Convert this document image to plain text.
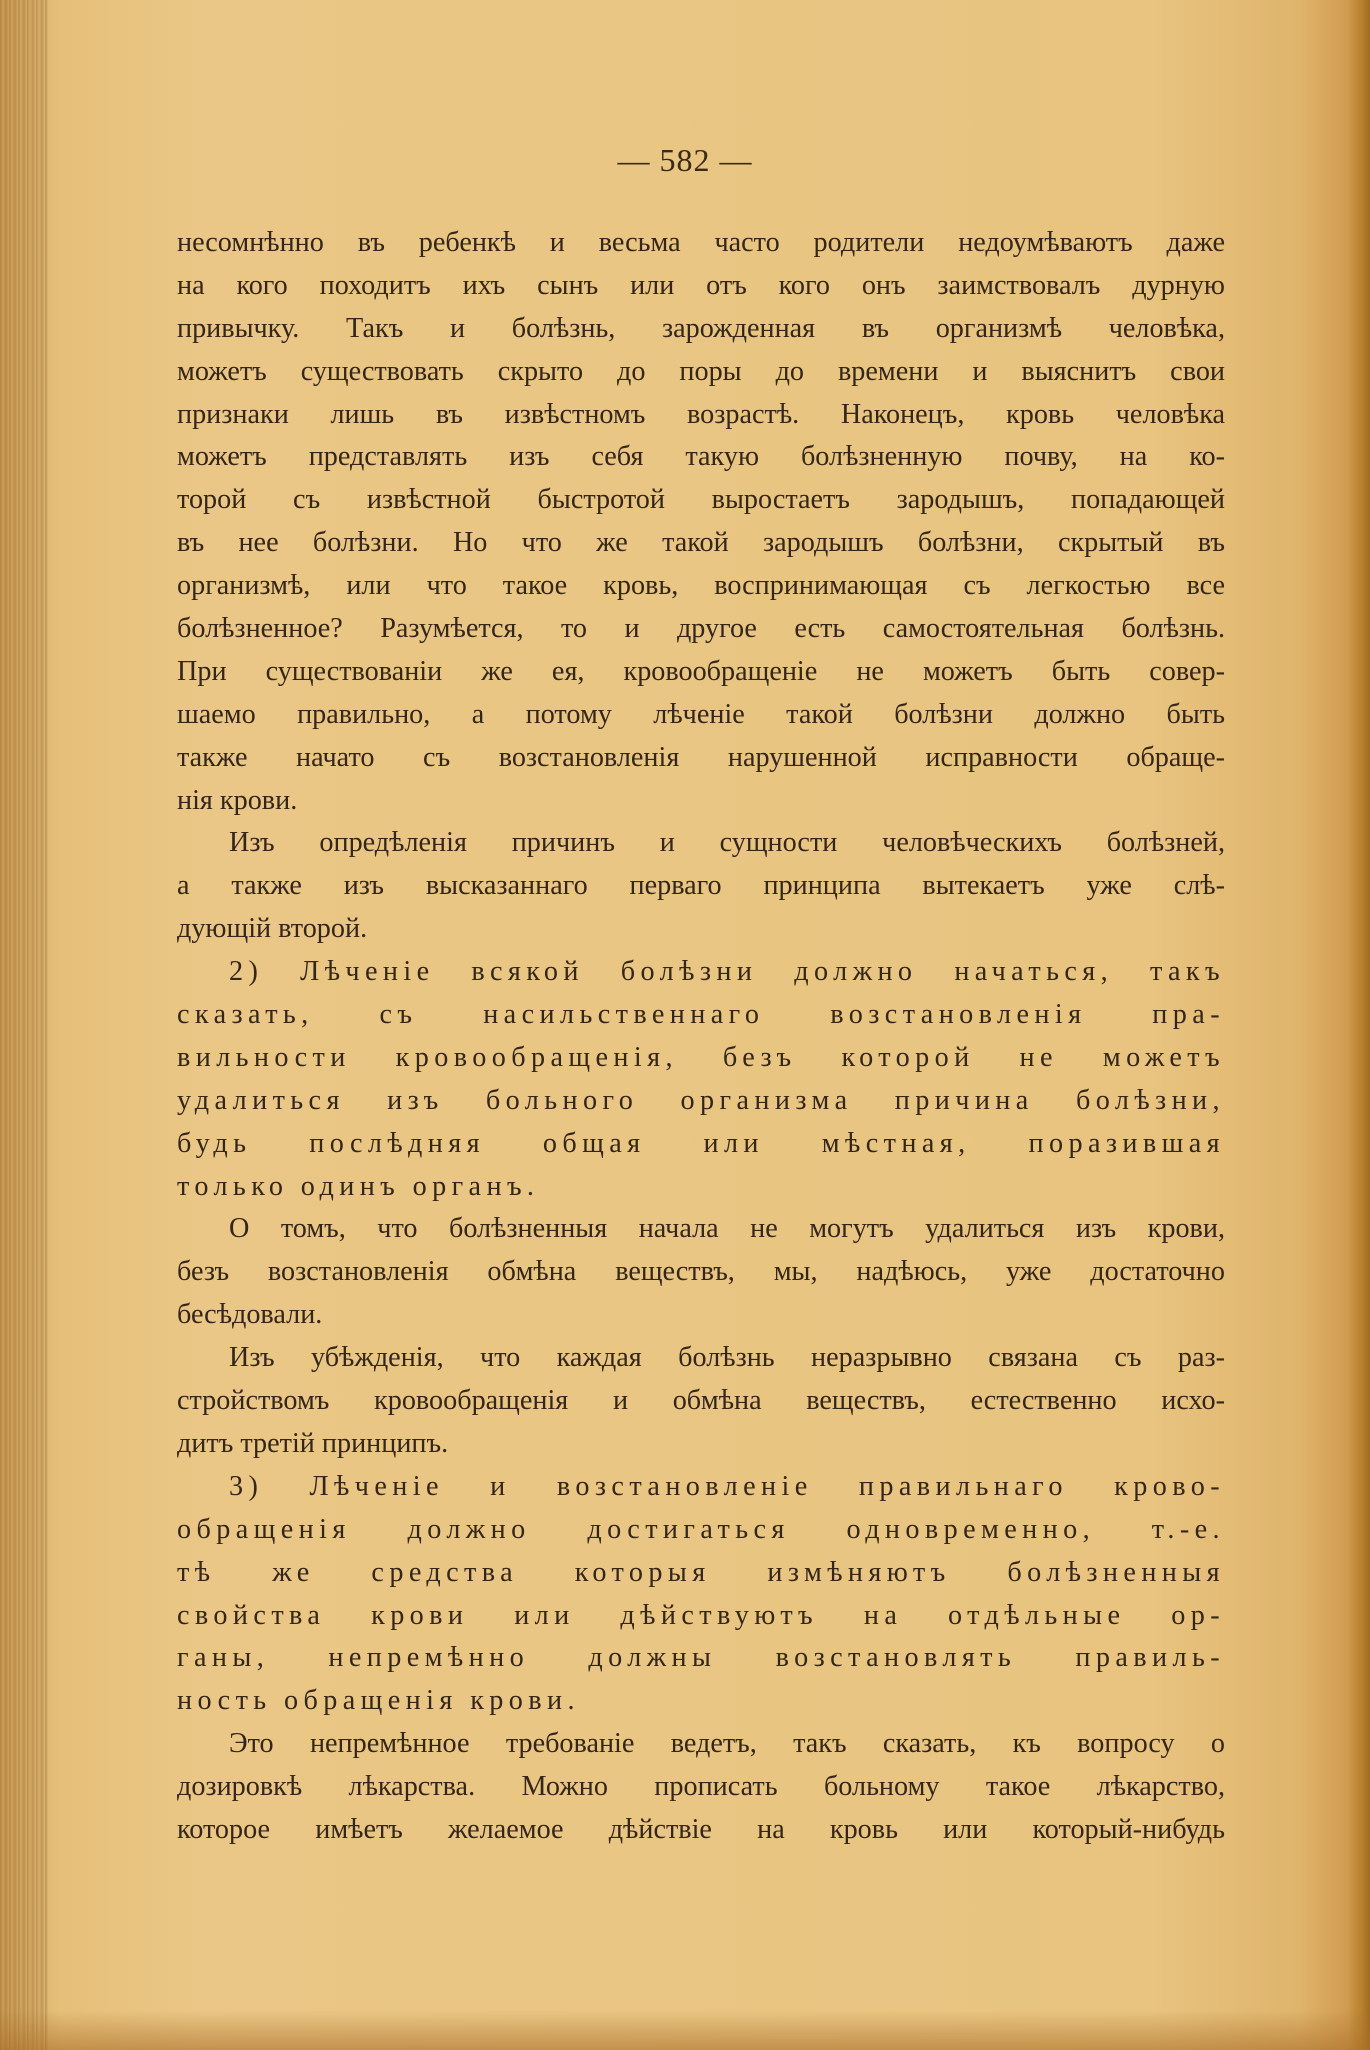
— 582 —
несомнѣнно въ ребенкѣ и весьма часто родители недоумѣваютъ даже
на кого походитъ ихъ сынъ или отъ кого онъ заимствовалъ дурную
привычку. Такъ и болѣзнь, зарожденная въ организмѣ человѣка,
можетъ существовать скрыто до поры до времени и выяснитъ свои
признаки лишь въ извѣстномъ возрастѣ. Наконецъ, кровь человѣка
можетъ представлять изъ себя такую болѣзненную почву, на ко-
торой съ извѣстной быстротой выростаетъ зародышъ, попадающей
въ нее болѣзни. Но что же такой зародышъ болѣзни, скрытый въ
организмѣ, или что такое кровь, воспринимающая съ легкостью все
болѣзненное? Разумѣется, то и другое есть самостоятельная болѣзнь.
При существованіи же ея, кровообращеніе не можетъ быть совер-
шаемо правильно, а потому лѣченіе такой болѣзни должно быть
также начато съ возстановленія нарушенной исправности обраще-
нія крови.
Изъ опредѣленія причинъ и сущности человѣческихъ болѣзней,
а также изъ высказаннаго перваго принципа вытекаетъ уже слѣ-
дующій второй.
2) Лѣченіе всякой болѣзни должно начаться, такъ
сказать, съ насильственнаго возстановленія пра-
вильности кровообращенія, безъ которой не можетъ
удалиться изъ больного организма причина болѣзни,
будь послѣдняя общая или мѣстная, поразившая
только одинъ органъ.
О томъ, что болѣзненныя начала не могутъ удалиться изъ крови,
безъ возстановленія обмѣна веществъ, мы, надѣюсь, уже достаточно
бесѣдовали.
Изъ убѣжденія, что каждая болѣзнь неразрывно связана съ раз-
стройствомъ кровообращенія и обмѣна веществъ, естественно исхо-
дитъ третій принципъ.
3) Лѣченіе и возстановленіе правильнаго крово-
обращенія должно достигаться одновременно, т.-е.
тѣ же средства которыя измѣняютъ болѣзненныя
свойства крови или дѣйствуютъ на отдѣльные ор-
ганы, непремѣнно должны возстановлять правиль-
ность обращенія крови.
Это непремѣнное требованіе ведетъ, такъ сказать, къ вопросу о
дозировкѣ лѣкарства. Можно прописать больному такое лѣкарство,
которое имѣетъ желаемое дѣйствіе на кровь или который-нибудь
